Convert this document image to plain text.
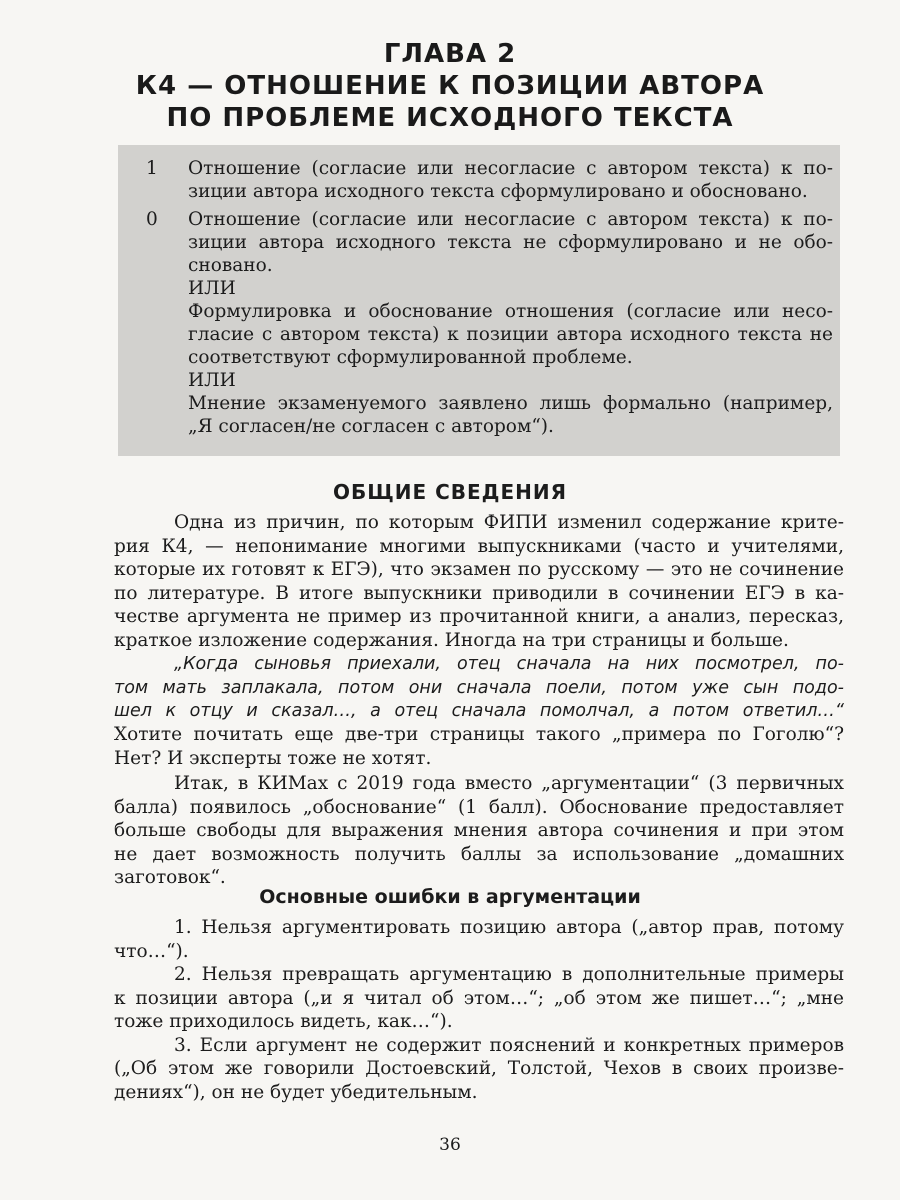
ГЛАВА 2
К4 — ОТНОШЕНИЕ К ПОЗИЦИИ АВТОРА
ПО ПРОБЛЕМЕ ИСХОДНОГО ТЕКСТА
1	Отношение (согласие или несогласие с автором текста) к по-
зиции автора исходного текста сформулировано и обосновано.
0	Отношение (согласие или несогласие с автором текста) к по-
зиции автора исходного текста не сформулировано и не обо-
сновано.
ИЛИ
Формулировка и обоснование отношения (согласие или несо-
гласие с автором текста) к позиции автора исходного текста не
соответствуют сформулированной проблеме.
ИЛИ
Мнение экзаменуемого заявлено лишь формально (например,
„Я согласен/не согласен с автором“).
ОБЩИЕ СВЕДЕНИЯ
Одна из причин, по которым ФИПИ изменил содержание крите-
рия К4, — непонимание многими выпускниками (часто и учителями,
которые их готовят к ЕГЭ), что экзамен по русскому — это не сочинение
по литературе. В итоге выпускники приводили в сочинении ЕГЭ в ка-
честве аргумента не пример из прочитанной книги, а анализ, пересказ,
краткое изложение содержания. Иногда на три страницы и больше.
„Когда сыновья приехали, отец сначала на них посмотрел, по-
том мать заплакала, потом они сначала поели, потом уже сын подо-
шел к отцу и сказал…, а отец сначала помолчал, а потом ответил…“
Хотите почитать еще две-три страницы такого „примера по Гоголю“?
Нет? И эксперты тоже не хотят.
Итак, в КИМах с 2019 года вместо „аргументации“ (3 первичных
балла) появилось „обоснование“ (1 балл). Обоснование предоставляет
больше свободы для выражения мнения автора сочинения и при этом
не дает возможность получить баллы за использование „домашних
заготовок“.
Основные ошибки в аргументации
1. Нельзя аргументировать позицию автора („автор прав, потому
что…“).
2. Нельзя превращать аргументацию в дополнительные примеры
к позиции автора („и я читал об этом…“; „об этом же пишет…“; „мне
тоже приходилось видеть, как…“).
3. Если аргумент не содержит пояснений и конкретных примеров
(„Об этом же говорили Достоевский, Толстой, Чехов в своих произве-
дениях“), он не будет убедительным.
36
